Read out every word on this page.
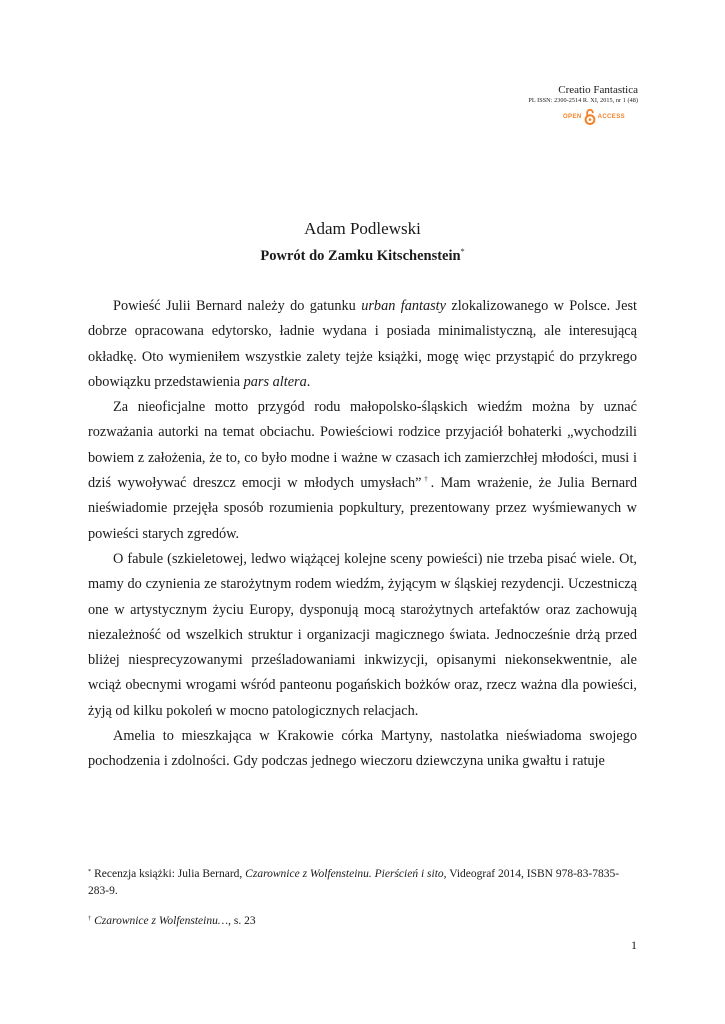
Creatio Fantastica
PL ISSN: 2300-2514 R. XI, 2015, nr 1 (48)
OPEN	ACCESS
Adam Podlewski
Powrót do Zamku Kitschenstein*

Powieść Julii Bernard należy do gatunku urban fantasty zlokalizowanego w Polsce. Jest dobrze opracowana edytorsko, ładnie wydana i posiada minimalistyczną, ale interesującą okładkę. Oto wymieniłem wszystkie zalety tejże książki, mogę więc przystąpić do przykrego obowiązku przedstawienia pars altera.

Za nieoficjalne motto przygód rodu małopolsko-śląskich wiedźm można by uznać rozważania autorki na temat obciachu. Powieściowi rodzice przyjaciół bohaterki „wychodzili bowiem z założenia, że to, co było modne i ważne w czasach ich zamierzchłej młodości, musi i dziś wywoływać dreszcz emocji w młodych umysłach”†. Mam wrażenie, że Julia Bernard nieświadomie przejęła sposób rozumienia popkultury, prezentowany przez wyśmiewanych w powieści starych zgredów.

O fabule (szkieletowej, ledwo wiążącej kolejne sceny powieści) nie trzeba pisać wiele. Ot, mamy do czynienia ze starożytnym rodem wiedźm, żyjącym w śląskiej rezydencji. Uczestniczą one w artystycznym życiu Europy, dysponują mocą starożytnych artefaktów oraz zachowują niezależność od wszelkich struktur i organizacji magicznego świata. Jednocześnie drżą przed bliżej niesprecyzowanymi prześladowaniami inkwizycji, opisanymi niekonsekwentnie, ale wciąż obecnymi wrogami wśród panteonu pogańskich bożków oraz, rzecz ważna dla powieści, żyją od kilku pokoleń w mocno patologicznych relacjach.

Amelia to mieszkająca w Krakowie córka Martyny, nastolatka nieświadoma swojego pochodzenia i zdolności. Gdy podczas jednego wieczoru dziewczyna unika gwałtu i ratuje

* Recenzja książki: Julia Bernard, Czarownice z Wolfensteinu. Pierścień i sito, Videograf 2014, ISBN 978-83-7835-283-9.

† Czarownice z Wolfensteinu…, s. 23

1
